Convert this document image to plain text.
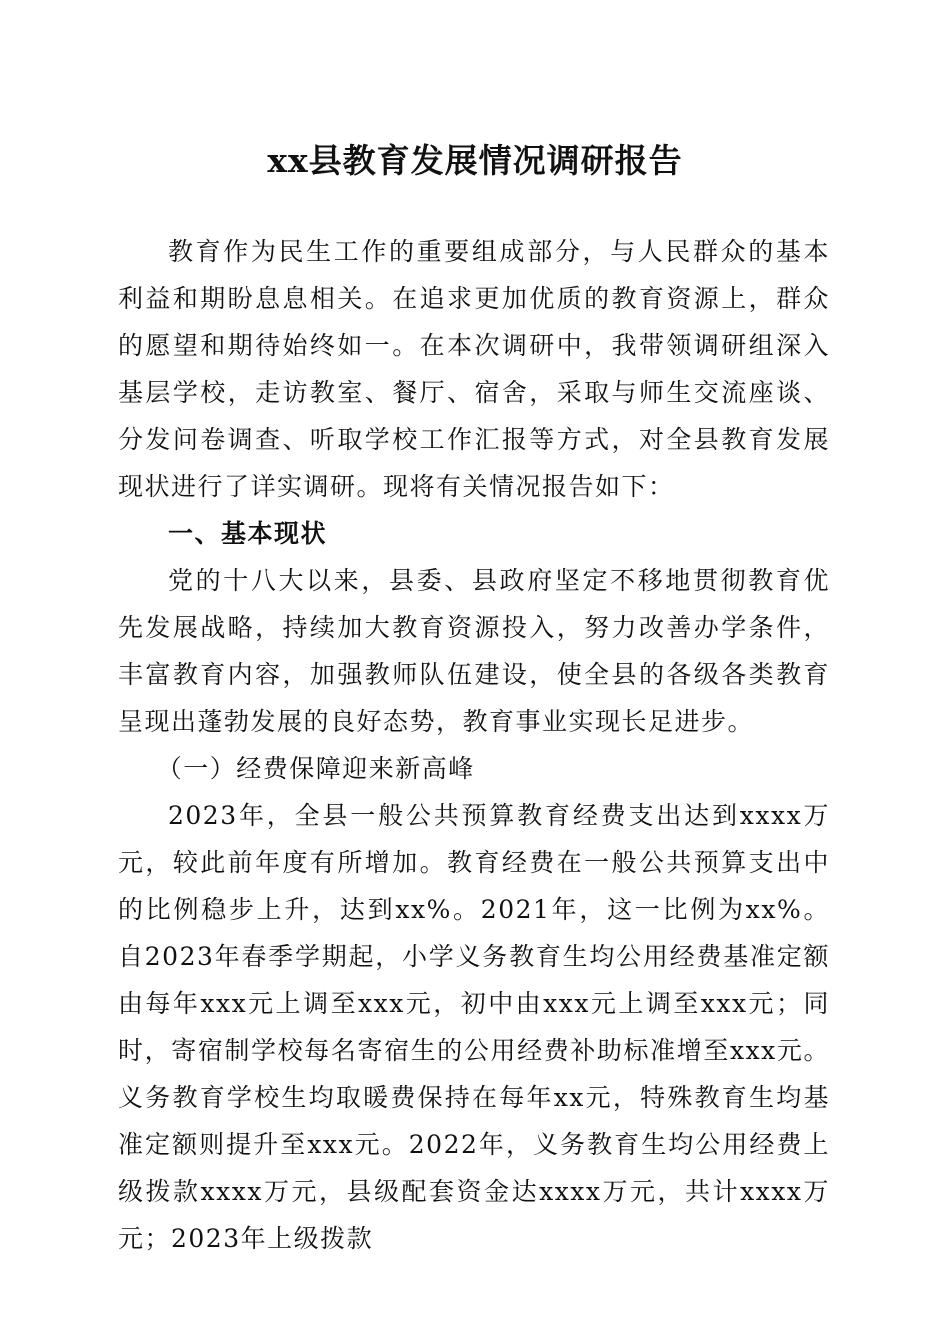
xx县教育发展情况调研报告

教育作为民生工作的重要组成部分，与人民群众的基本利益和期盼息息相关。在追求更加优质的教育资源上，群众的愿望和期待始终如一。在本次调研中，我带领调研组深入基层学校，走访教室、餐厅、宿舍，采取与师生交流座谈、分发问卷调查、听取学校工作汇报等方式，对全县教育发展现状进行了详实调研。现将有关情况报告如下：

一、基本现状

党的十八大以来，县委、县政府坚定不移地贯彻教育优先发展战略，持续加大教育资源投入，努力改善办学条件，丰富教育内容，加强教师队伍建设，使全县的各级各类教育呈现出蓬勃发展的良好态势，教育事业实现长足进步。

（一）经费保障迎来新高峰

2023年，全县一般公共预算教育经费支出达到xxxx万元，较此前年度有所增加。教育经费在一般公共预算支出中的比例稳步上升，达到xx%。2021年，这一比例为xx%。自2023年春季学期起，小学义务教育生均公用经费基准定额由每年xxx元上调至xxx元，初中由xxx元上调至xxx元；同时，寄宿制学校每名寄宿生的公用经费补助标准增至xxx元。义务教育学校生均取暖费保持在每年xx元，特殊教育生均基准定额则提升至xxx元。2022年，义务教育生均公用经费上级拨款xxxx万元，县级配套资金达xxxx万元，共计xxxx万元；2023年上级拨款
